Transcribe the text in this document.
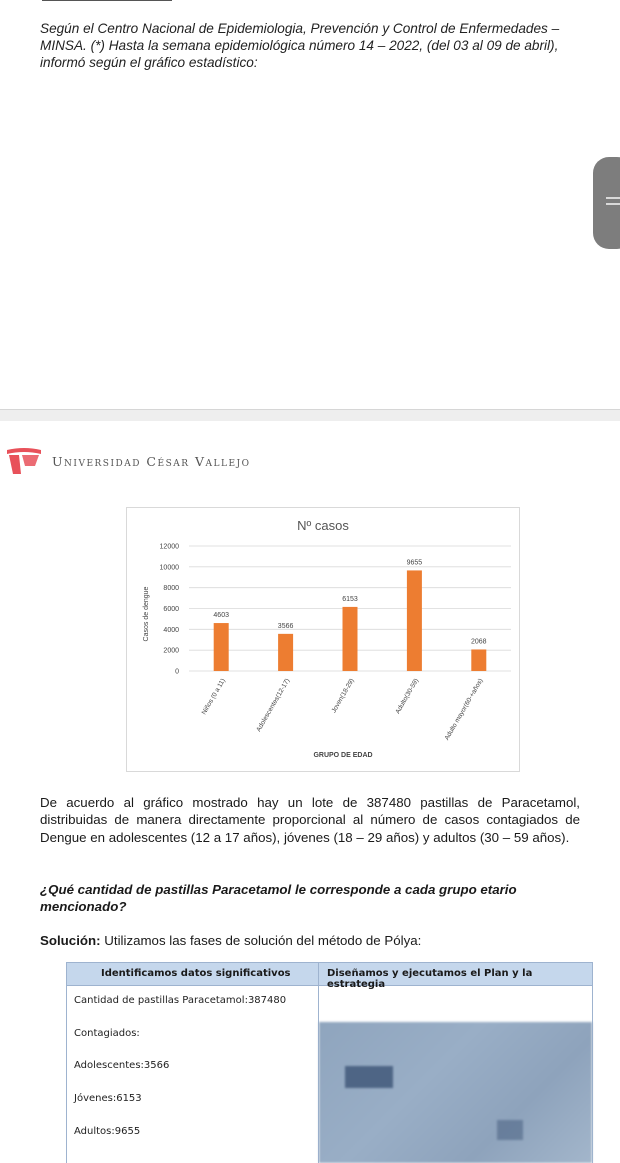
Según el Centro Nacional de Epidemiologia, Prevención y Control de Enfermedades – MINSA. (*) Hasta la semana epidemiológica número 14 – 2022, (del 03 al 09 de abril), informó según el gráfico estadístico:

Universidad César Vallejo
Nº casos
Casos de dengue
GRUPO DE EDAD
0
2000
4000
6000
8000
10000
12000
4603
Niños (0 a 11)
3566
Adolescentes(12-17)
6153
Joven(18-29)
9655
Adulto(30-59)
2068
Adulto mayor(60-+años)

De acuerdo al gráfico mostrado hay un lote de 387480 pastillas de Paracetamol, distribuidas de manera directamente proporcional al número de casos contagiados de Dengue en adolescentes (12 a 17 años), jóvenes (18 – 29 años) y adultos (30 – 59 años).

¿Qué cantidad de pastillas Paracetamol le corresponde a cada grupo etario mencionado?

Solución: Utilizamos las fases de solución del método de Pólya:

Identificamos datos significativos	Diseñamos y ejecutamos el Plan y la estrategia
Cantidad de pastillas Paracetamol:387480
Contagiados:
Adolescentes:3566
Jóvenes:6153
Adultos:9655
